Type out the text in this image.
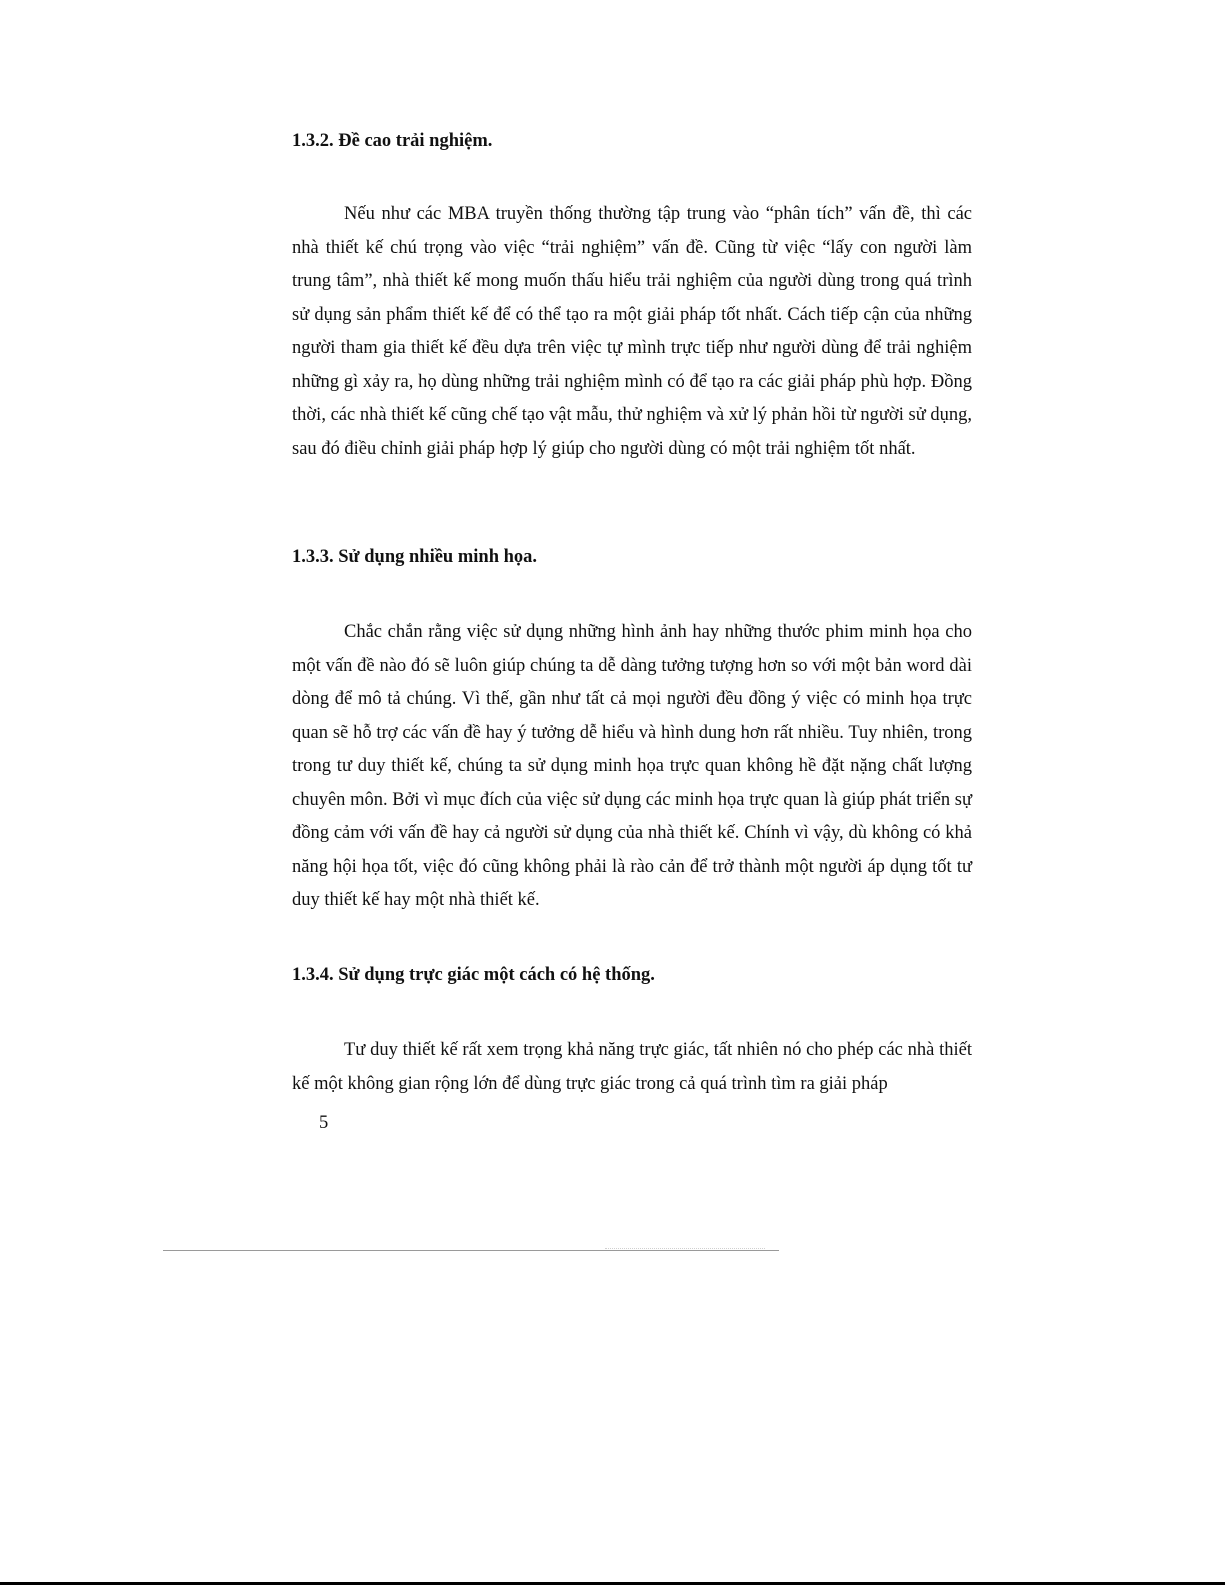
1.3.2. Đề cao trải nghiệm.

Nếu như các MBA truyền thống thường tập trung vào “phân tích” vấn đề, thì các nhà thiết kế chú trọng vào việc “trải nghiệm” vấn đề. Cũng từ việc “lấy con người làm trung tâm”, nhà thiết kế mong muốn thấu hiểu trải nghiệm của người dùng trong quá trình sử dụng sản phẩm thiết kế để có thể tạo ra một giải pháp tốt nhất. Cách tiếp cận của những người tham gia thiết kế đều dựa trên việc tự mình trực tiếp như người dùng để trải nghiệm những gì xảy ra, họ dùng những trải nghiệm mình có để tạo ra các giải pháp phù hợp. Đồng thời, các nhà thiết kế cũng chế tạo vật mẫu, thử nghiệm và xử lý phản hồi từ người sử dụng, sau đó điều chỉnh giải pháp hợp lý giúp cho người dùng có một trải nghiệm tốt nhất.

1.3.3. Sử dụng nhiều minh họa.

Chắc chắn rằng việc sử dụng những hình ảnh hay những thước phim minh họa cho một vấn đề nào đó sẽ luôn giúp chúng ta dễ dàng tưởng tượng hơn so với một bản word dài dòng để mô tả chúng. Vì thế, gần như tất cả mọi người đều đồng ý việc có minh họa trực quan sẽ hỗ trợ các vấn đề hay ý tưởng dễ hiểu và hình dung hơn rất nhiều. Tuy nhiên, trong trong tư duy thiết kế, chúng ta sử dụng minh họa trực quan không hề đặt nặng chất lượng chuyên môn. Bởi vì mục đích của việc sử dụng các minh họa trực quan là giúp phát triển sự đồng cảm với vấn đề hay cả người sử dụng của nhà thiết kế. Chính vì vậy, dù không có khả năng hội họa tốt, việc đó cũng không phải là rào cản để trở thành một người áp dụng tốt tư duy thiết kế hay một nhà thiết kế.

1.3.4. Sử dụng trực giác một cách có hệ thống.

Tư duy thiết kế rất xem trọng khả năng trực giác, tất nhiên nó cho phép các nhà thiết kế một không gian rộng lớn để dùng trực giác trong cả quá trình tìm ra giải pháp

5
